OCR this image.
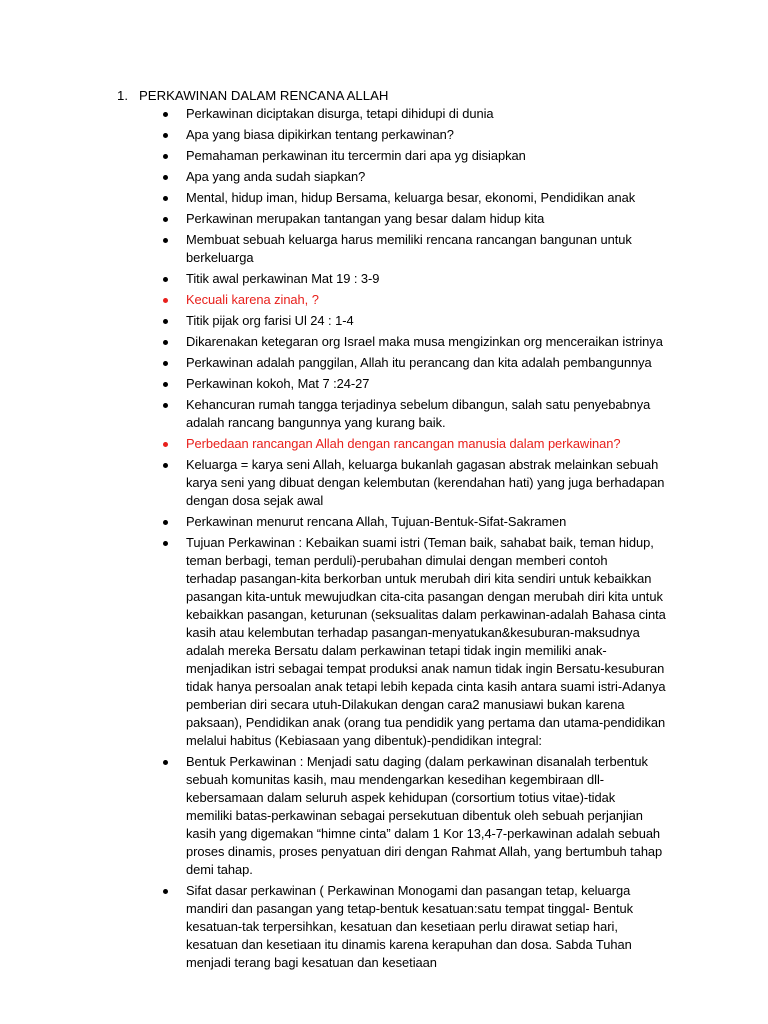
1. PERKAWINAN DALAM RENCANA ALLAH
Perkawinan diciptakan disurga, tetapi dihidupi di dunia
Apa yang biasa dipikirkan tentang perkawinan?
Pemahaman perkawinan itu tercermin dari apa yg disiapkan
Apa yang anda sudah siapkan?
Mental, hidup iman, hidup Bersama, keluarga besar, ekonomi, Pendidikan anak
Perkawinan merupakan tantangan yang besar dalam hidup kita
Membuat sebuah keluarga harus memiliki rencana rancangan bangunan untuk
berkeluarga
Titik awal perkawinan Mat 19 : 3-9
Kecuali karena zinah, ?
Titik pijak org farisi Ul 24 : 1-4
Dikarenakan ketegaran org Israel maka musa mengizinkan org menceraikan istrinya
Perkawinan adalah panggilan, Allah itu perancang dan kita adalah pembangunnya
Perkawinan kokoh, Mat 7 :24-27
Kehancuran rumah tangga terjadinya sebelum dibangun, salah satu penyebabnya
adalah rancang bangunnya yang kurang baik.
Perbedaan rancangan Allah dengan rancangan manusia dalam perkawinan?
Keluarga = karya seni Allah, keluarga bukanlah gagasan abstrak melainkan sebuah
karya seni yang dibuat dengan kelembutan (kerendahan hati) yang juga berhadapan
dengan dosa sejak awal
Perkawinan menurut rencana Allah, Tujuan-Bentuk-Sifat-Sakramen
Tujuan Perkawinan : Kebaikan suami istri (Teman baik, sahabat baik, teman hidup,
teman berbagi, teman perduli)-perubahan dimulai dengan memberi contoh
terhadap pasangan-kita berkorban untuk merubah diri kita sendiri untuk kebaikkan
pasangan kita-untuk mewujudkan cita-cita pasangan dengan merubah diri kita untuk
kebaikkan pasangan, keturunan (seksualitas dalam perkawinan-adalah Bahasa cinta
kasih atau kelembutan terhadap pasangan-menyatukan&kesuburan-maksudnya
adalah mereka Bersatu dalam perkawinan tetapi tidak ingin memiliki anak-
menjadikan istri sebagai tempat produksi anak namun tidak ingin Bersatu-kesuburan
tidak hanya persoalan anak tetapi lebih kepada cinta kasih antara suami istri-Adanya
pemberian diri secara utuh-Dilakukan dengan cara2 manusiawi bukan karena
paksaan), Pendidikan anak (orang tua pendidik yang pertama dan utama-pendidikan
melalui habitus (Kebiasaan yang dibentuk)-pendidikan integral:
Bentuk Perkawinan : Menjadi satu daging (dalam perkawinan disanalah terbentuk
sebuah komunitas kasih, mau mendengarkan kesedihan kegembiraan dll-
kebersamaan dalam seluruh aspek kehidupan (corsortium totius vitae)-tidak
memiliki batas-perkawinan sebagai persekutuan dibentuk oleh sebuah perjanjian
kasih yang digemakan “himne cinta” dalam 1 Kor 13,4-7-perkawinan adalah sebuah
proses dinamis, proses penyatuan diri dengan Rahmat Allah, yang bertumbuh tahap
demi tahap.
Sifat dasar perkawinan ( Perkawinan Monogami dan pasangan tetap, keluarga
mandiri dan pasangan yang tetap-bentuk kesatuan:satu tempat tinggal- Bentuk
kesatuan-tak terpersihkan, kesatuan dan kesetiaan perlu dirawat setiap hari,
kesatuan dan kesetiaan itu dinamis karena kerapuhan dan dosa. Sabda Tuhan
menjadi terang bagi kesatuan dan kesetiaan
